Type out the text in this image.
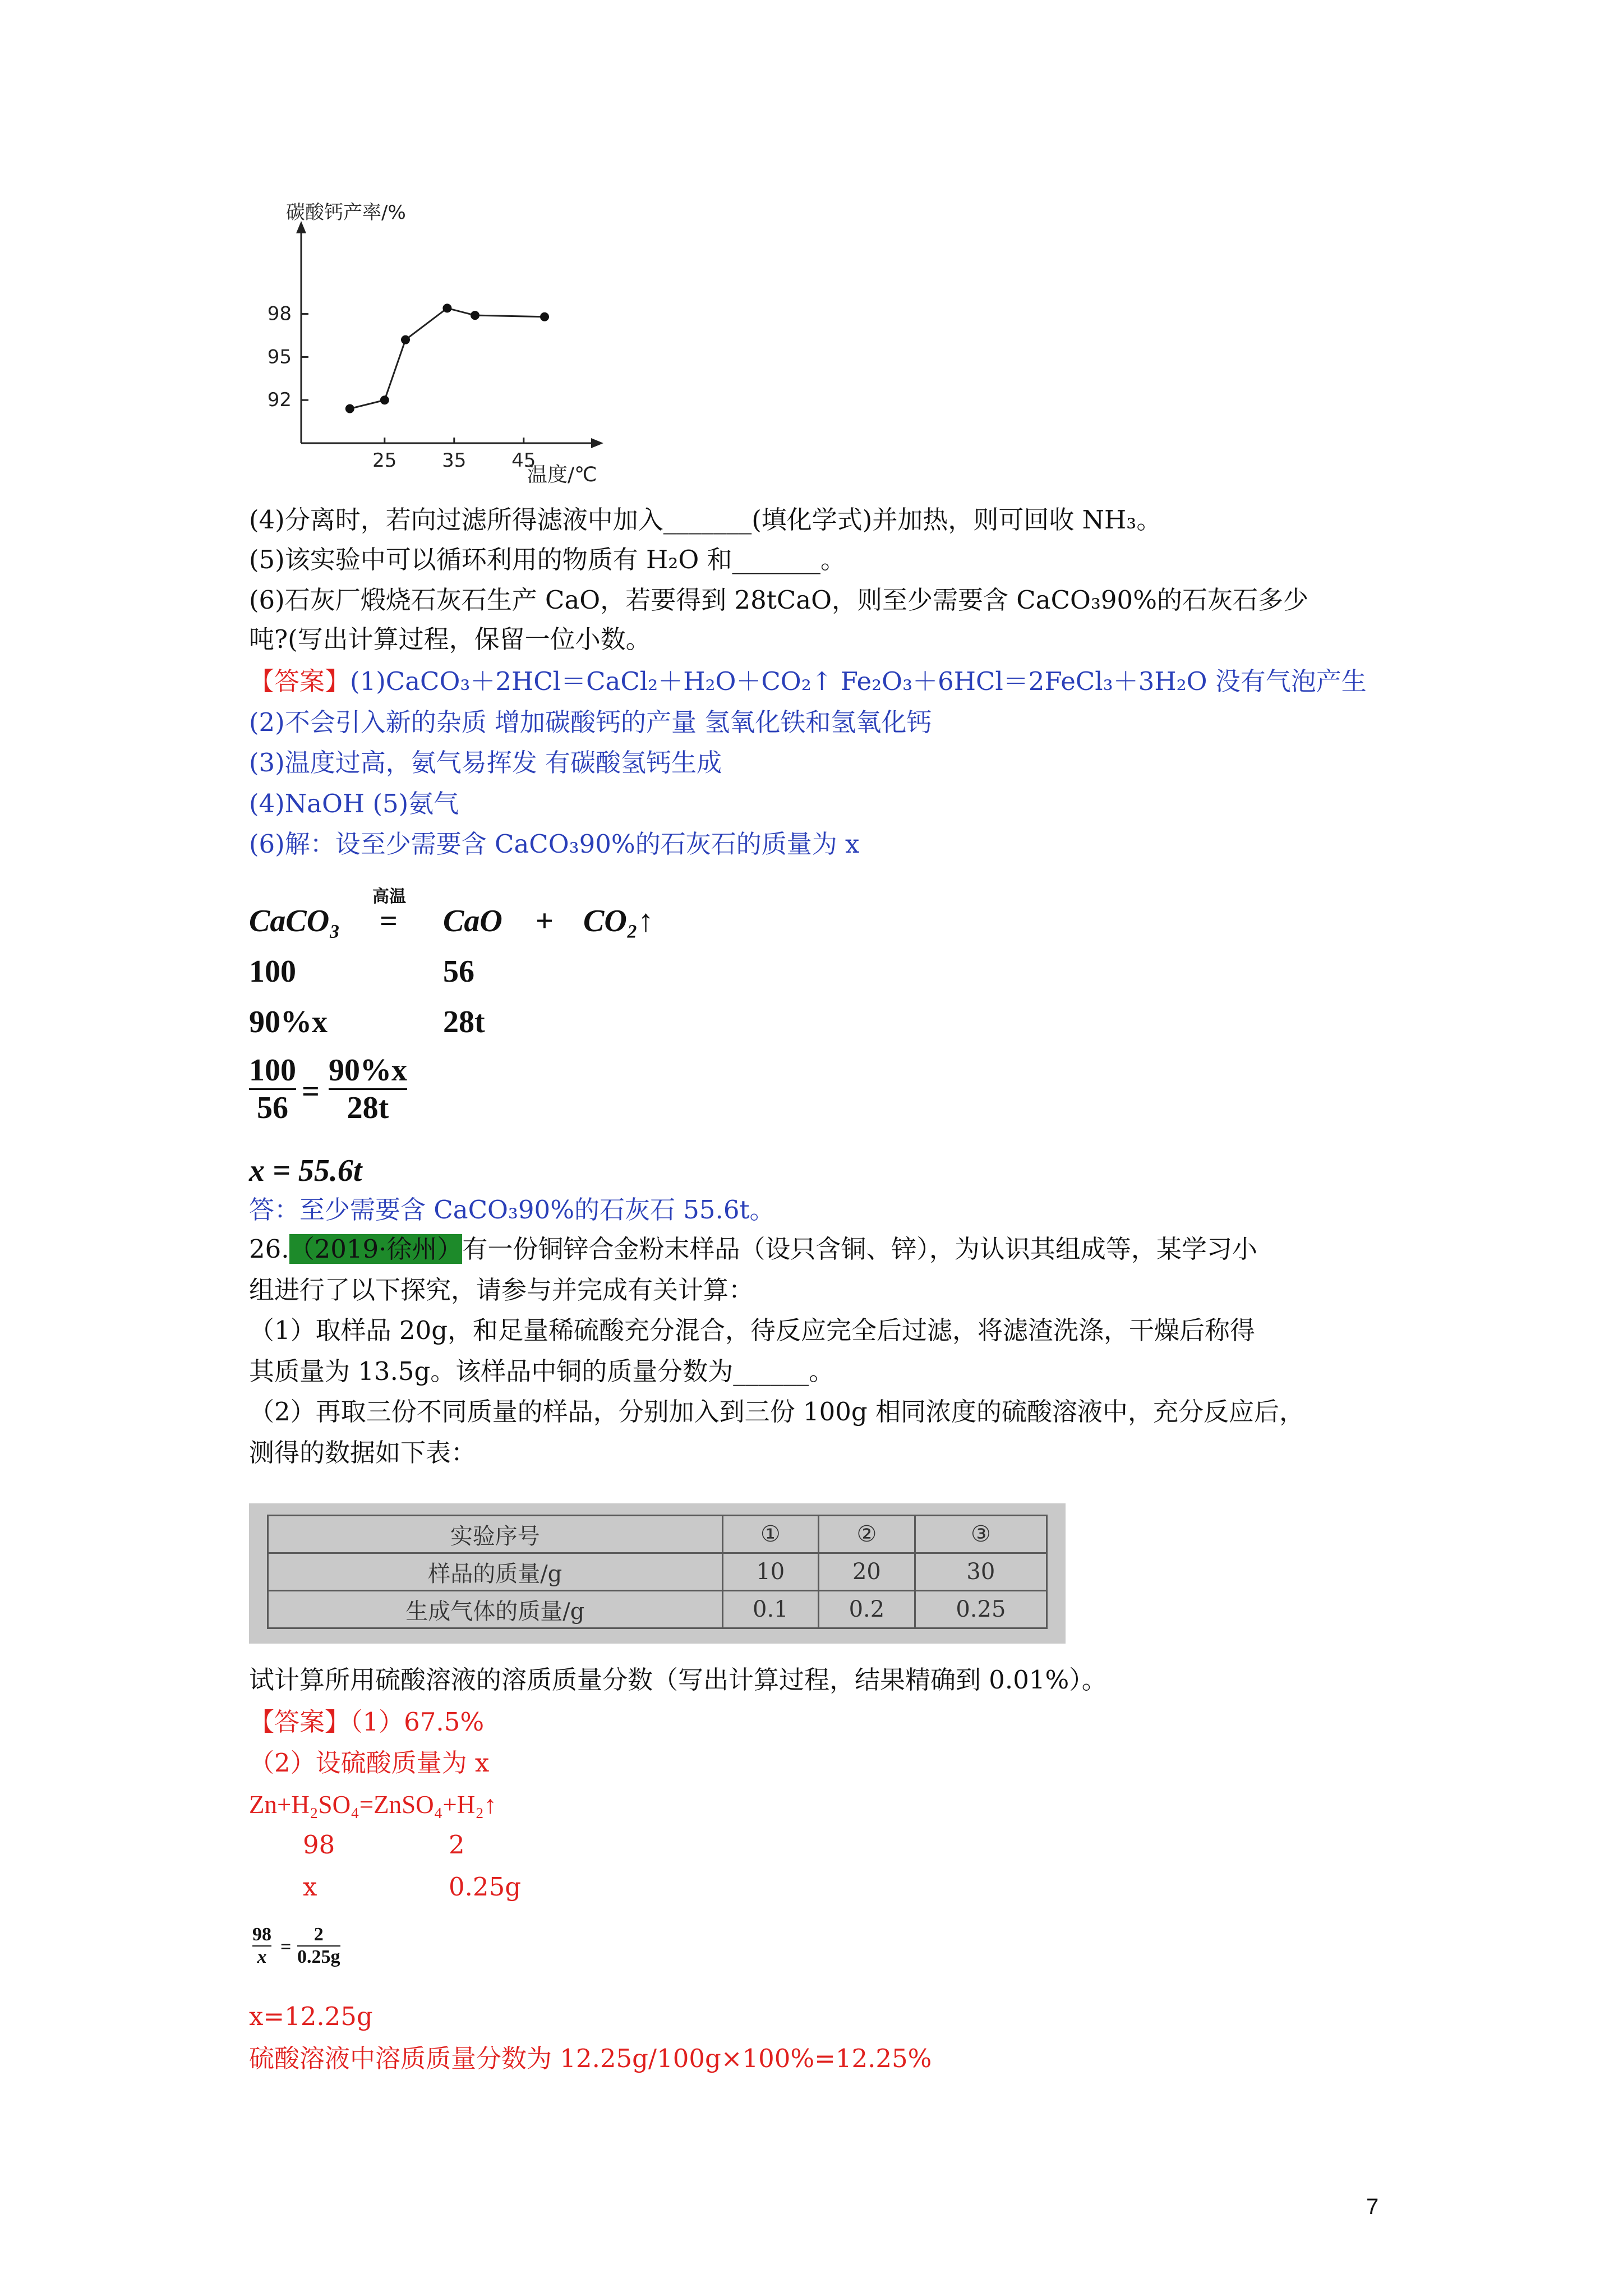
碳酸钙产率/%
温度/℃
25 35 45
92
95
98
(4)分离时，若向过滤所得滤液中加入_______(填化学式)并加热，则可回收 NH₃。
(5)该实验中可以循环利用的物质有 H₂O 和_______。
(6)石灰厂煅烧石灰石生产 CaO，若要得到 28tCaO，则至少需要含 CaCO₃90%的石灰石多少
吨?(写出计算过程，保留一位小数。
【答案】(1)CaCO₃＋2HCl＝CaCl₂＋H₂O＋CO₂↑ Fe₂O₃＋6HCl＝2FeCl₃＋3H₂O 没有气泡产生
(2)不会引入新的杂质 增加碳酸钙的产量 氢氧化铁和氢氧化钙
(3)温度过高，氨气易挥发 有碳酸氢钙生成
(4)NaOH (5)氨气
(6)解：设至少需要含 CaCO₃90%的石灰石的质量为 x
高温
CaCO₃ = CaO + CO₂↑
100	56
90%x	28t
100
56 =
90%x
28t
x = 55.6t
答：至少需要含 CaCO₃90%的石灰石 55.6t。
26.（2019·徐州）有一份铜锌合金粉末样品（设只含铜、锌），为认识其组成等，某学习小
组进行了以下探究，请参与并完成有关计算：
（1）取样品 20g，和足量稀硫酸充分混合，待反应完全后过滤，将滤渣洗涤，干燥后称得
其质量为 13.5g。该样品中铜的质量分数为______。
（2）再取三份不同质量的样品，分别加入到三份 100g 相同浓度的硫酸溶液中，充分反应后，
测得的数据如下表：
实验序号	①	②	③
样品的质量/g	10	20	30
生成气体的质量/g	0.1	0.2	0.25
试计算所用硫酸溶液的溶质质量分数（写出计算过程，结果精确到 0.01%）。
【答案】（1）67.5%
（2）设硫酸质量为 x
Zn+H₂SO₄=ZnSO₄+H₂↑
98	2
x	0.25g
98
x =
2
0.25g
x=12.25g
硫酸溶液中溶质质量分数为 12.25g/100g×100%=12.25%
7
